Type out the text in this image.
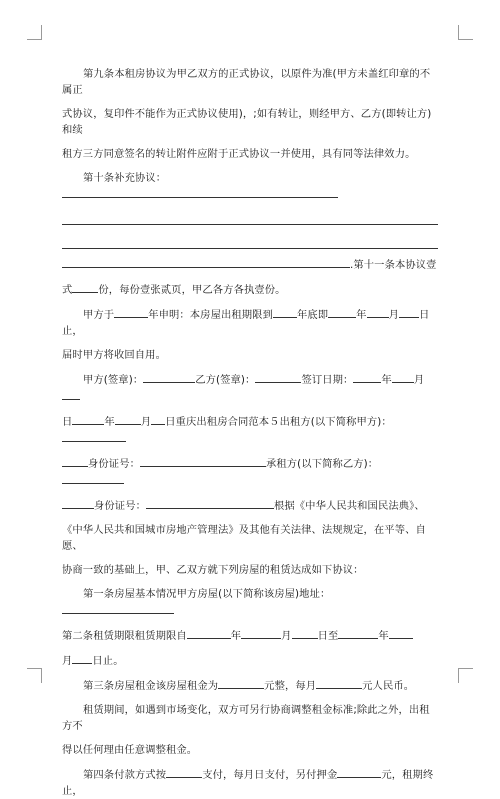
第九条本租房协议为甲乙双方的正式协议，以原件为准(甲方未盖红印章的不属正

式协议，复印件不能作为正式协议使用)，;如有转让，则经甲方、乙方(即转让方)和续

租方三方同意签名的转让附件应附于正式协议一并使用，具有同等法律效力。

第十条补充协议：

.第十一条本协议壹

式	份，每份壹张贰页，甲乙各方各执壹份。

甲方于	年申明：本房屋出租期限到 年底即	年 月 日止，

届时甲方将收回自用。

甲方(签章)：	乙方(签章)：	签订日期：	年 月

日	年	月 日重庆出租房合同范本５出租方(以下简称甲方)：

身份证号：	承租方(以下简称乙方)：

身份证号：	根据《中华人民共和国民法典》、

《中华人民共和国城市房地产管理法》及其他有关法律、法规规定，在平等、自愿、

协商一致的基础上，甲、乙双方就下列房屋的租赁达成如下协议：

第一条房屋基本情况甲方房屋(以下简称该房屋)地址：

第二条租赁期限租赁期限自	年	月	日至	年

月 日止。

第三条房屋租金该房屋租金为	元整，每月	元人民币。

租赁期间，如遇到市场变化，双方可另行协商调整租金标准;除此之外，出租方不

得以任何理由任意调整租金。

第四条付款方式按	支付，每月日支付，另付押金	元，租期终止，
